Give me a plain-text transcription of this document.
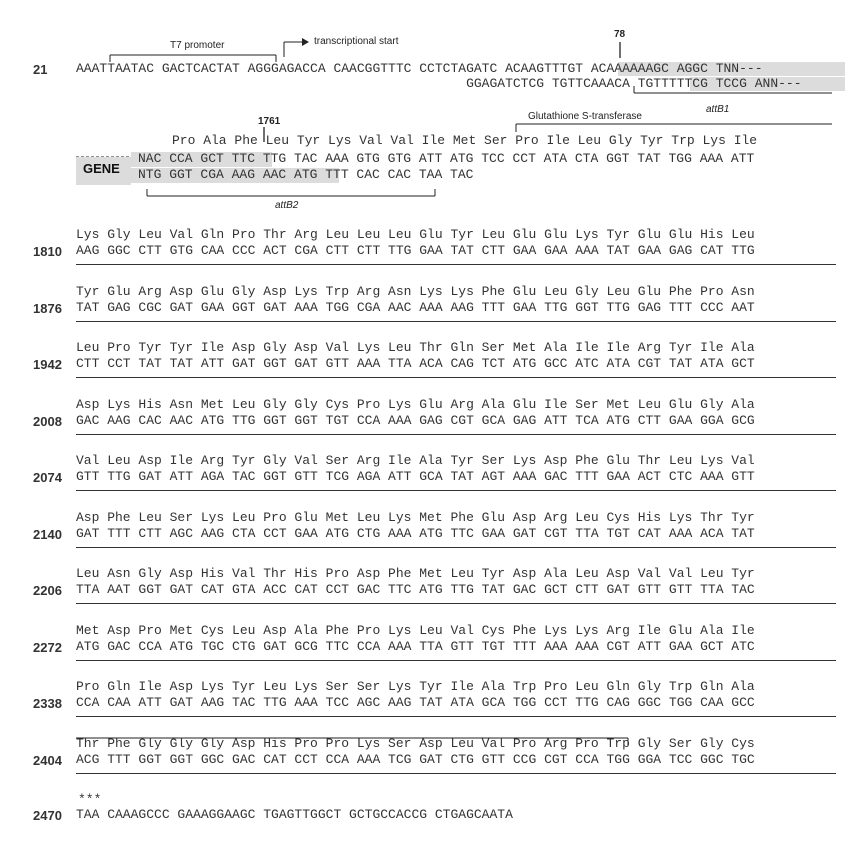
GENE
T7 promoter	transcriptional start
78
attB1
1761	Glutathione S-transferase
attB2
21 AAATTAATAC GACTCACTAT AGGGAGACCA CAACGGTTTC CCTCTAGATC ACAAGTTTGT ACAAAAAAGC AGGC TNN---
GGAGATCTCG TGTTCAAACA TGTTTTTCG TCCG ANN---
Pro Ala Phe Leu Tyr Lys Val Val Ile Met Ser Pro Ile Leu Gly Tyr Trp Lys Ile
NAC CCA GCT TTC TTG TAC AAA GTG GTG ATT ATG TCC CCT ATA CTA GGT TAT TGG AAA ATT
NTG GGT CGA AAG AAC ATG TTT CAC CAC TAA TAC
Lys Gly Leu Val Gln Pro Thr Arg Leu Leu Leu Glu Tyr Leu Glu Glu Lys Tyr Glu Glu His Leu
1810 AAG GGC CTT GTG CAA CCC ACT CGA CTT CTT TTG GAA TAT CTT GAA GAA AAA TAT GAA GAG CAT TTG
Tyr Glu Arg Asp Glu Gly Asp Lys Trp Arg Asn Lys Lys Phe Glu Leu Gly Leu Glu Phe Pro Asn
1876 TAT GAG CGC GAT GAA GGT GAT AAA TGG CGA AAC AAA AAG TTT GAA TTG GGT TTG GAG TTT CCC AAT
Leu Pro Tyr Tyr Ile Asp Gly Asp Val Lys Leu Thr Gln Ser Met Ala Ile Ile Arg Tyr Ile Ala
1942 CTT CCT TAT TAT ATT GAT GGT GAT GTT AAA TTA ACA CAG TCT ATG GCC ATC ATA CGT TAT ATA GCT
Asp Lys His Asn Met Leu Gly Gly Cys Pro Lys Glu Arg Ala Glu Ile Ser Met Leu Glu Gly Ala
2008 GAC AAG CAC AAC ATG TTG GGT GGT TGT CCA AAA GAG CGT GCA GAG ATT TCA ATG CTT GAA GGA GCG
Val Leu Asp Ile Arg Tyr Gly Val Ser Arg Ile Ala Tyr Ser Lys Asp Phe Glu Thr Leu Lys Val
2074 GTT TTG GAT ATT AGA TAC GGT GTT TCG AGA ATT GCA TAT AGT AAA GAC TTT GAA ACT CTC AAA GTT
Asp Phe Leu Ser Lys Leu Pro Glu Met Leu Lys Met Phe Glu Asp Arg Leu Cys His Lys Thr Tyr
2140 GAT TTT CTT AGC AAG CTA CCT GAA ATG CTG AAA ATG TTC GAA GAT CGT TTA TGT CAT AAA ACA TAT
Leu Asn Gly Asp His Val Thr His Pro Asp Phe Met Leu Tyr Asp Ala Leu Asp Val Val Leu Tyr
2206 TTA AAT GGT GAT CAT GTA ACC CAT CCT GAC TTC ATG TTG TAT GAC GCT CTT GAT GTT GTT TTA TAC
Met Asp Pro Met Cys Leu Asp Ala Phe Pro Lys Leu Val Cys Phe Lys Lys Arg Ile Glu Ala Ile
2272 ATG GAC CCA ATG TGC CTG GAT GCG TTC CCA AAA TTA GTT TGT TTT AAA AAA CGT ATT GAA GCT ATC
Pro Gln Ile Asp Lys Tyr Leu Lys Ser Ser Lys Tyr Ile Ala Trp Pro Leu Gln Gly Trp Gln Ala
2338 CCA CAA ATT GAT AAG TAC TTG AAA TCC AGC AAG TAT ATA GCA TGG CCT TTG CAG GGC TGG CAA GCC
Thr Phe Gly Gly Gly Asp His Pro Pro Lys Ser Asp Leu Val Pro Arg Pro Trp Gly Ser Gly Cys
2404 ACG TTT GGT GGT GGC GAC CAT CCT CCA AAA TCG GAT CTG GTT CCG CGT CCA TGG GGA TCC GGC TGC
***
2470 TAA CAAAGCCC GAAAGGAAGC TGAGTTGGCT GCTGCCACCG CTGAGCAATA
